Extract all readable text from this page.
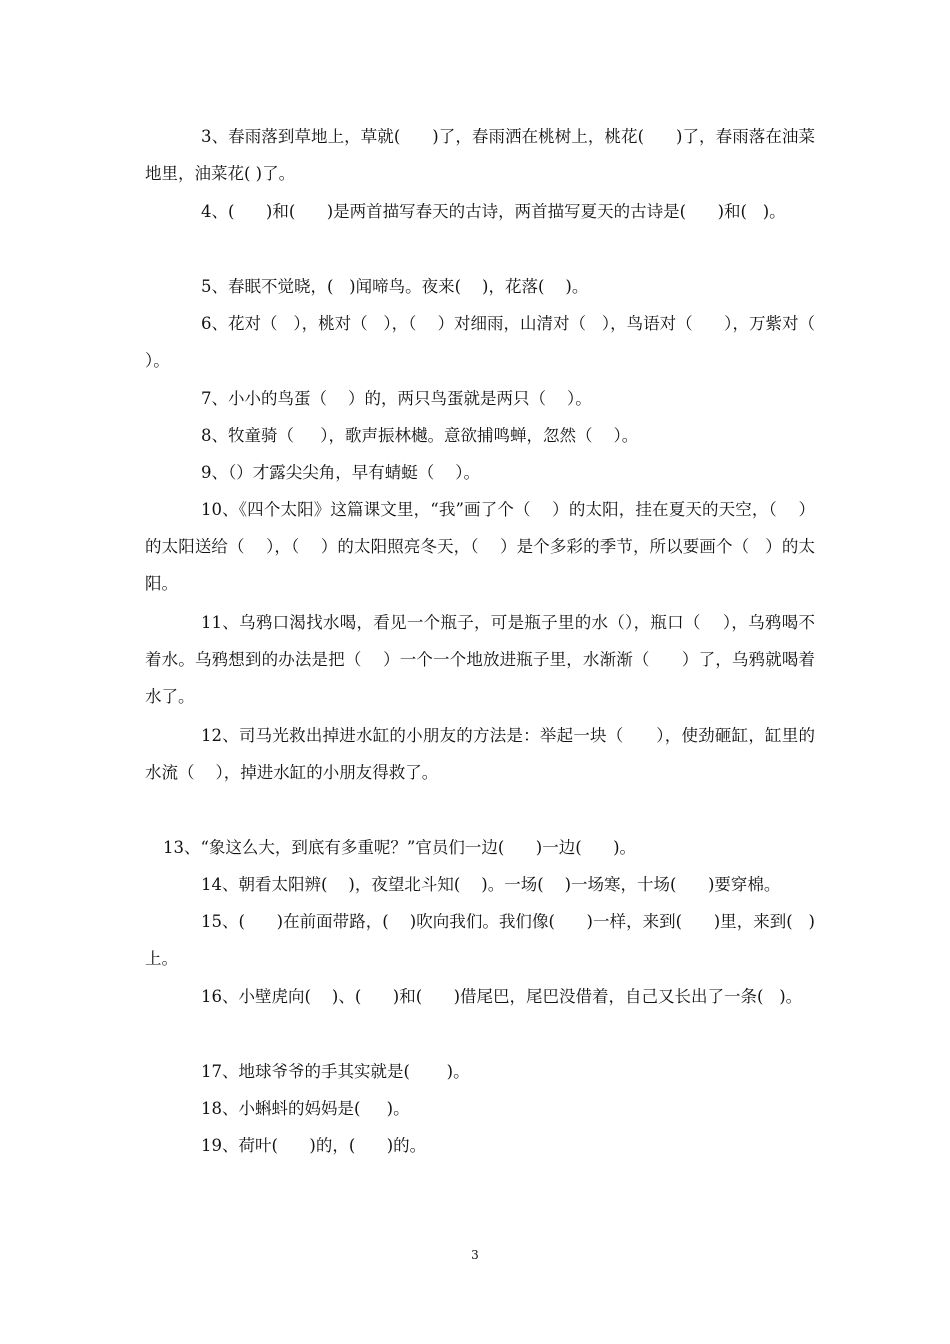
3、春雨落到草地上，草就(      )了，春雨洒在桃树上，桃花(      )了，春雨落在油菜地里，油菜花( )了。
4、(      )和(      )是两首描写春天的古诗，两首描写夏天的古诗是(      )和(   )。
5、春眠不觉晓，(   )闻啼鸟。夜来(    )，花落(    )。
6、花对（   ），桃对（   ），（    ）对细雨，山清对（   ），鸟语对（      ），万紫对（    ）。
7、小小的鸟蛋（    ）的，两只鸟蛋就是两只（    ）。
8、牧童骑（     ），歌声振林樾。意欲捕鸣蝉，忽然（    ）。
9、（）才露尖尖角，早有蜻蜓（    ）。
10、《四个太阳》这篇课文里，“我”画了个（    ）的太阳，挂在夏天的天空，（    ）的太阳送给（    ），（    ）的太阳照亮冬天，（    ）是个多彩的季节，所以要画个（   ）的太阳。
11、乌鸦口渴找水喝，看见一个瓶子，可是瓶子里的水（），瓶口（    ），乌鸦喝不着水。乌鸦想到的办法是把（    ）一个一个地放进瓶子里，水渐渐（      ）了，乌鸦就喝着水了。
12、司马光救出掉进水缸的小朋友的方法是：举起一块（      ），使劲砸缸，缸里的水流（    ），掉进水缸的小朋友得救了。
13、“象这么大，到底有多重呢？”官员们一边(      )一边(      )。
14、朝看太阳辨(    )，夜望北斗知(    )。一场(    )一场寒，十场(      )要穿棉。
15、(      )在前面带路，(    )吹向我们。我们像(      )一样，来到(      )里，来到(   )上。
16、小壁虎向(    )、(      )和(      )借尾巴，尾巴没借着，自己又长出了一条(   )。
17、地球爷爷的手其实就是(       )。
18、小蝌蚪的妈妈是(     )。
19、荷叶(      )的，(      )的。
3
